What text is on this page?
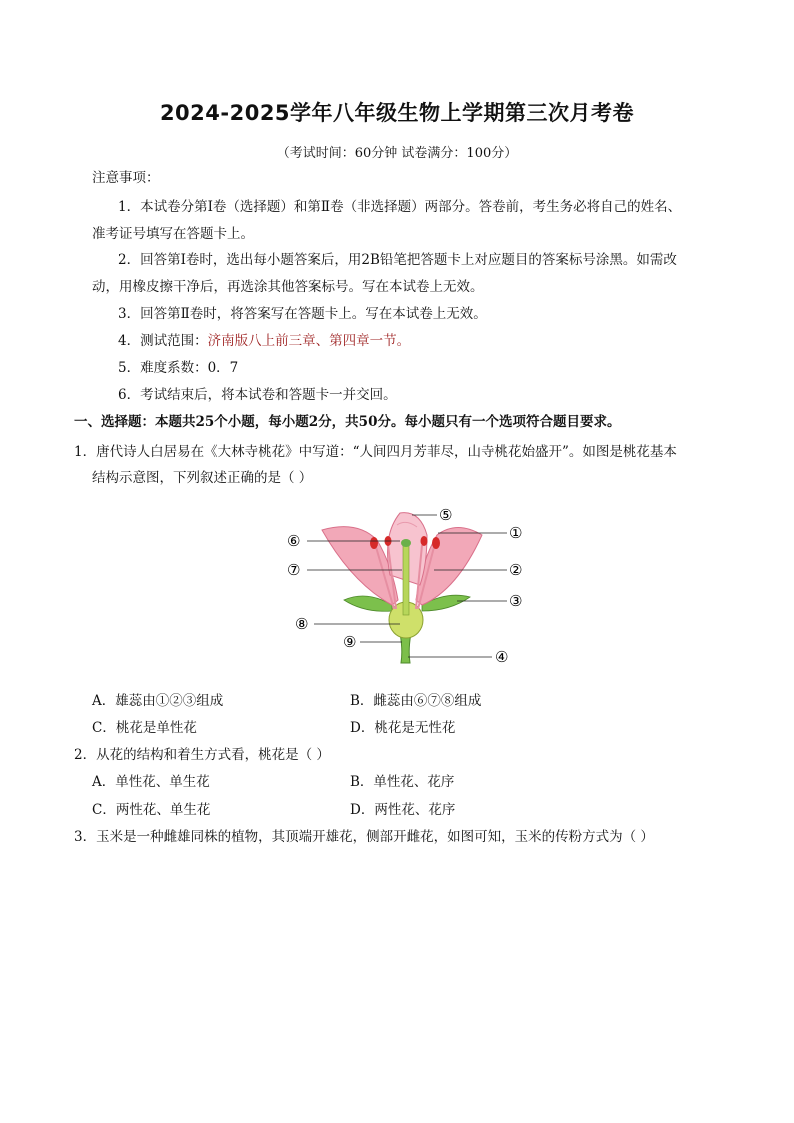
2024-2025学年八年级生物上学期第三次月考卷
（考试时间：60分钟 试卷满分：100分）
注意事项：
1．本试卷分第Ⅰ卷（选择题）和第Ⅱ卷（非选择题）两部分。答卷前，考生务必将自己的姓名、
准考证号填写在答题卡上。
2．回答第Ⅰ卷时，选出每小题答案后，用2B铅笔把答题卡上对应题目的答案标号涂黑。如需改
动，用橡皮擦干净后，再选涂其他答案标号。写在本试卷上无效。
3．回答第Ⅱ卷时，将答案写在答题卡上。写在本试卷上无效。
4．测试范围：济南版八上前三章、第四章一节。
5．难度系数：0．7
6．考试结束后，将本试卷和答题卡一并交回。
一、选择题：本题共25个小题，每小题2分，共50分。每小题只有一个选项符合题目要求。
1．唐代诗人白居易在《大林寺桃花》中写道：“人间四月芳菲尽，山寺桃花始盛开”。如图是桃花基本
结构示意图，下列叙述正确的是（ ）
⑤
①
⑥
⑦	②
③
⑧
⑨
④
A．雄蕊由①②③组成	B．雌蕊由⑥⑦⑧组成
C．桃花是单性花	D．桃花是无性花
2．从花的结构和着生方式看，桃花是（ ）
A．单性花、单生花	B．单性花、花序
C．两性花、单生花	D．两性花、花序
3．玉米是一种雌雄同株的植物，其顶端开雄花，侧部开雌花，如图可知，玉米的传粉方式为（ ）
